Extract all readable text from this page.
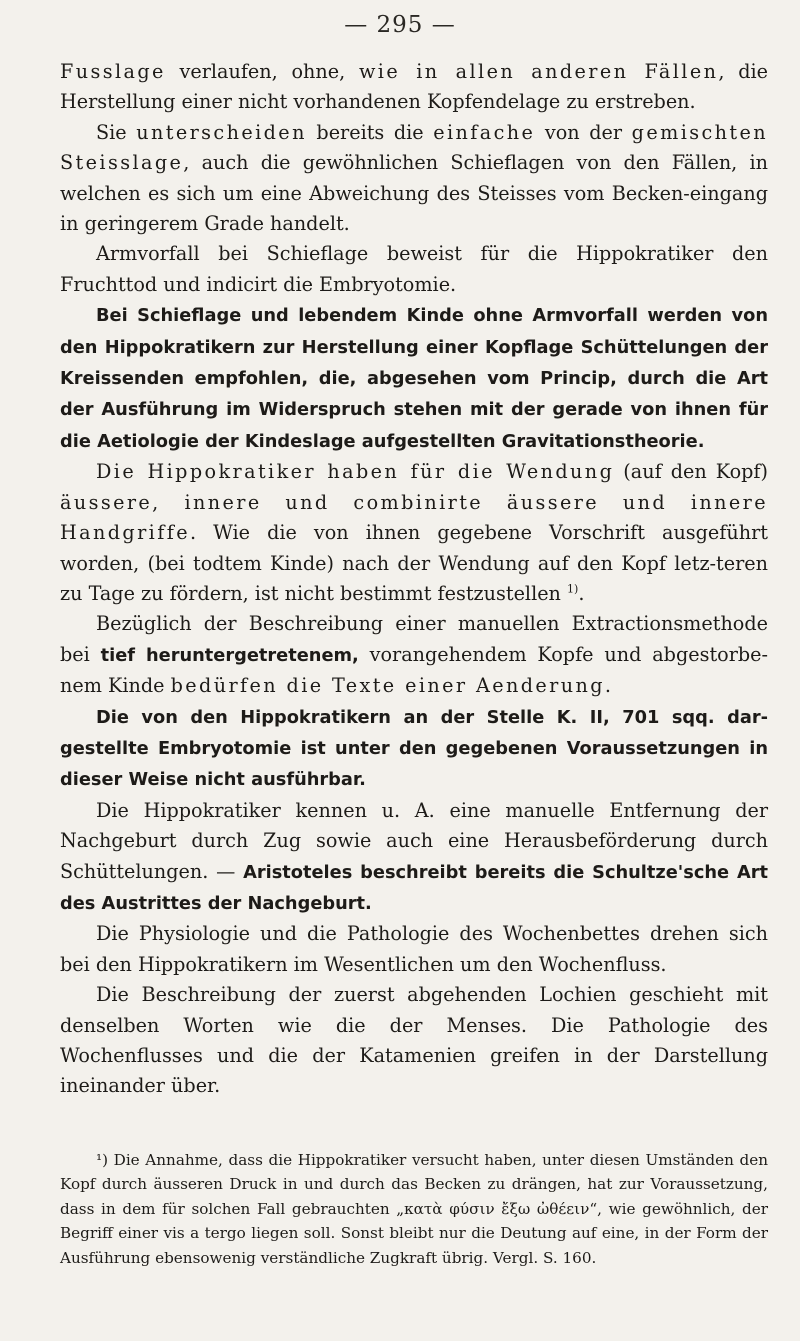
— 295 —

Fusslage verlaufen, ohne, wie in allen anderen Fällen, die Herstellung einer nicht vorhandenen Kopfendelage zu erstreben.

Sie unterscheiden bereits die einfache von der gemischten Steisslage, auch die gewöhnlichen Schieflagen von den Fällen, in welchen es sich um eine Abweichung des Steisses vom Becken-eingang in geringerem Grade handelt.

Armvorfall bei Schieflage beweist für die Hippokratiker den Fruchttod und indicirt die Embryotomie.

Bei Schieflage und lebendem Kinde ohne Armvorfall werden von den Hippokratikern zur Herstellung einer Kopflage Schüttelungen der Kreissenden empfohlen, die, abgesehen vom Princip, durch die Art der Ausführung im Widerspruch stehen mit der gerade von ihnen für die Aetiologie der Kindeslage aufgestellten Gravitationstheorie.

Die Hippokratiker haben für die Wendung (auf den Kopf) äussere, innere und combinirte äussere und innere Handgriffe. Wie die von ihnen gegebene Vorschrift ausgeführt worden, (bei todtem Kinde) nach der Wendung auf den Kopf letz-teren zu Tage zu fördern, ist nicht bestimmt festzustellen $^{1)}$.

Bezüglich der Beschreibung einer manuellen Extractionsmethode bei tief heruntergetretenem, vorangehendem Kopfe und abgestorbe-nem Kinde bedürfen die Texte einer Aenderung.

Die von den Hippokratikern an der Stelle K. II, 701 sqq. dar-gestellte Embryotomie ist unter den gegebenen Voraussetzungen in dieser Weise nicht ausführbar.

Die Hippokratiker kennen u. A. eine manuelle Entfernung der Nachgeburt durch Zug sowie auch eine Herausbeförderung durch Schüttelungen. — Aristoteles beschreibt bereits die Schultze'sche Art des Austrittes der Nachgeburt.

Die Physiologie und die Pathologie des Wochenbettes drehen sich bei den Hippokratikern im Wesentlichen um den Wochenfluss.

Die Beschreibung der zuerst abgehenden Lochien geschieht mit denselben Worten wie die der Menses. Die Pathologie des Wochenflusses und die der Katamenien greifen in der Darstellung ineinander über.

¹) Die Annahme, dass die Hippokratiker versucht haben, unter diesen Umständen den Kopf durch äusseren Druck in und durch das Becken zu drängen, hat zur Voraussetzung, dass in dem für solchen Fall gebrauchten „κατὰ φύσιν ἔξω ὠθέειν“, wie gewöhnlich, der Begriff einer vis a tergo liegen soll. Sonst bleibt nur die Deutung auf eine, in der Form der Ausführung ebensowenig verständliche Zugkraft übrig. Vergl. S. 160.
